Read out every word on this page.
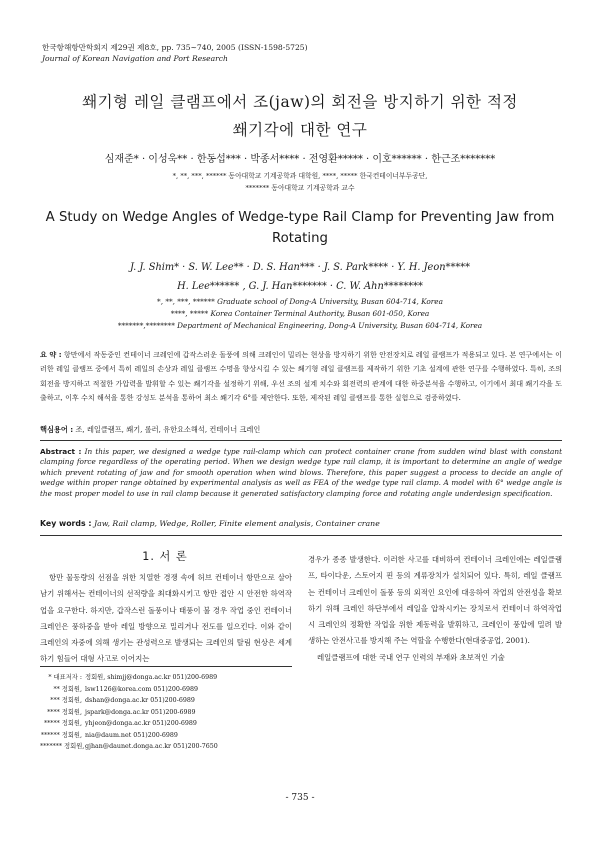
한국항해항만학회지 제29권 제8호, pp. 735~740, 2005 (ISSN-1598-5725)
Journal of Korean Navigation and Port Research
쐐기형 레일 클램프에서 조(jaw)의 회전을 방지하기 위한 적정
쐐기각에 대한 연구
심재준* · 이성욱** · 한동섭*** · 박종서**** · 전영환***** · 이호****** · 한근조*******
*, **, ***, ****** 동아대학교 기계공학과 대학원, ****, ***** 한국컨테이너부두공단,
******* 동아대학교 기계공학과 교수
A Study on Wedge Angles of Wedge-type Rail Clamp for Preventing Jaw from
Rotating
J. J. Shim* · S. W. Lee** · D. S. Han*** · J. S. Park**** · Y. H. Jeon*****
H. Lee****** , G. J. Han******* · C. W. Ahn********
*, **, ***, ****** Graduate school of Dong-A University, Busan 604-714, Korea
****, ***** Korea Container Terminal Authority, Busan 601-050, Korea
*******,******** Department of Mechanical Engineering, Dong-A University, Busan 604-714, Korea
요 약 : 항만에서 작동중인 컨테이너 크레인에 갑작스러운 돌풍에 의해 크레인이 밀리는 현상을 방지하기 위한 안전장치로 레일 클램프가 적용되고 있다. 본 연구에서는 이러한 레일 클램프 중에서 특히 레일의 손상과 레일 클램프 수명을 향상시킬 수 있는 쐐기형 레일 클램프를 제작하기 위한 기초 설계에 관한 연구를 수행하였다. 특히, 조의 회전을 방지하고 적절한 가압력을 발휘할 수 있는 쐐기각을 설정하기 위해, 우선 조의 설계 치수와 회전력의 관계에 대한 하중분석을 수행하고, 이기에서 최대 쐐기각을 도출하고, 이후 수치 해석을 통한 강성도 분석을 통하여 최소 쐐기각 6°를 제안한다. 또한, 제작된 레일 클램프를 통한 실험으로 검증하였다.
핵심용어 : 조, 레일클램프, 쐐기, 롤러, 유한요소해석, 컨테이너 크레인
Abstract : In this paper, we designed a wedge type rail-clamp which can protect container crane from sudden wind blast with constant clamping force regardless of the operating period. When we design wedge type rail clamp, it is important to determine an angle of wedge which prevent rotating of jaw and for smooth operation when wind blows. Therefore, this paper suggest a process to decide an angle of wedge within proper range obtained by experimental analysis as well as FEA of the wedge type rail clamp. A model with 6° wedge angle is the most proper model to use in rail clamp because it generated satisfactory clamping force and rotating angle underdesign specification.
Key words : Jaw, Rail clamp, Wedge, Roller, Finite element analysis, Container crane
1. 서 론

항만 물동량의 선점을 위한 치열한 경쟁 속에 허브 컨테이너 항만으로 살아남기 위해서는 컨테이너의 선적량을 최대화시키고 항만 접안 시 안전한 하역작업을 요구한다. 하지만, 갑작스런 돌풍이나 태풍이 불 경우 작업 중인 컨테이너 크레인은 풍하중을 받아 레일 방향으로 밀리거나 전도를 일으킨다. 이와 같이 크레인의 자중에 의해 생기는 관성력으로 발생되는 크레인의 탈림 현상은 세계하기 힘들어 대형 사고로 이어지는

경우가 종종 발생한다. 이러한 사고를 대비하여 컨테이너 크레인에는 레일클램프, 타이다운, 스토어지 핀 등의 계류장치가 설치되어 있다. 특히, 레일 클램프는 컨테이너 크레인이 돌풍 등의 외적인 요인에 대응하여 작업의 안전성을 확보하기 위해 크레인 하단부에서 레일을 압착시키는 장치로서 컨테이너 하역작업 시 크레인의 정확한 작업을 위한 제동력을 발휘하고, 크레인이 풍압에 밀려 발생하는 안전사고를 방지해 주는 역할을 수행한다(현대중공업, 2001).

레일클램프에 대한 국내 연구 인력의 부재와 초보적인 기술

* 대표저자 : 정회원, shimjj@donga.ac.kr 051)200-6989
** 정회원, lsw1126@korea.com 051)200-6989
*** 정회원, dshan@donga.ac.kr 051)200-6989
**** 정회원, jspark@donga.ac.kr 051)200-6989
***** 정회원, yhjeon@donga.ac.kr 051)200-6989
****** 정회원, nia@daum.net 051)200-6989
******* 정회원,gjhan@daunet.donga.ac.kr 051)200-7650
- 735 -
